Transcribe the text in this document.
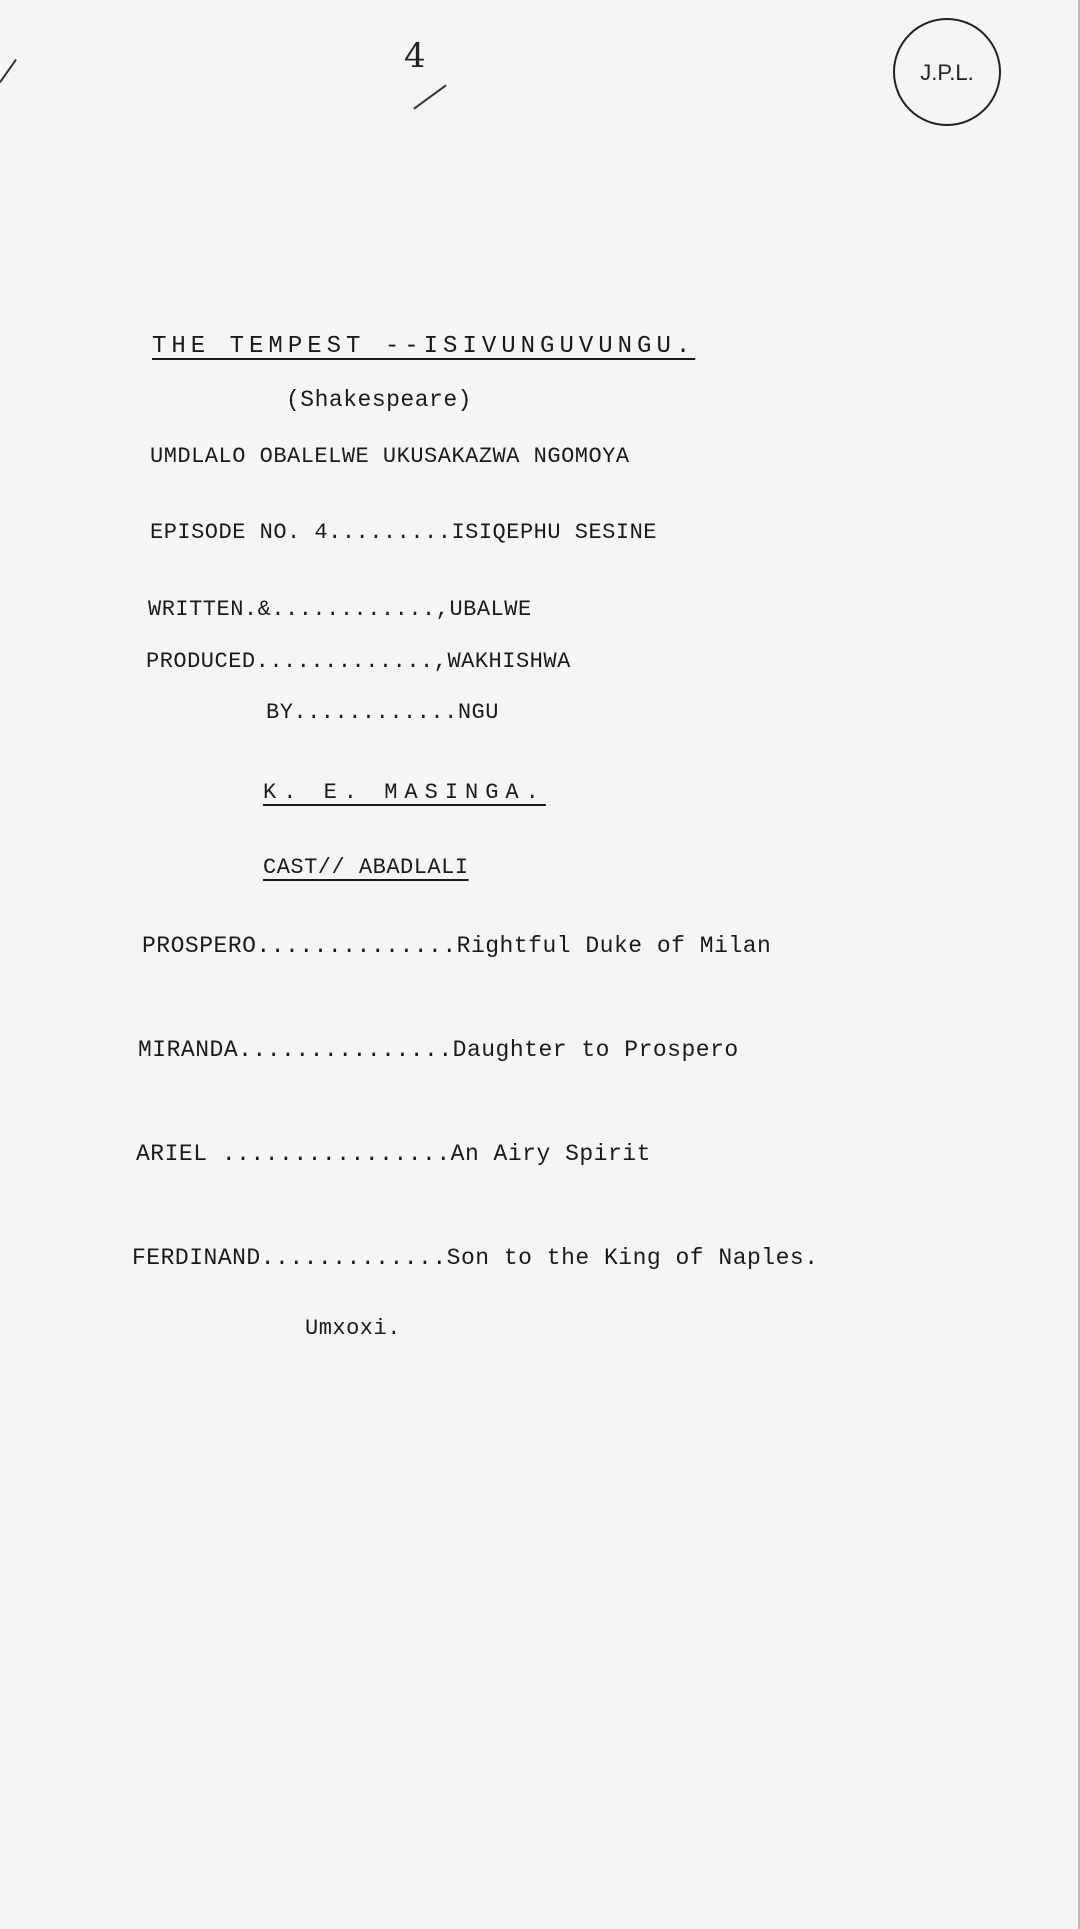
4	J.P.L.
THE TEMPEST --ISIVUNGUVUNGU.
(Shakespeare)
UMDLALO OBALELWE UKUSAKAZWA NGOMOYA
EPISODE NO. 4.........ISIQEPHU SESINE
WRITTEN.&............,UBALWE
PRODUCED.............,WAKHISHWA
BY............NGU
K. E. MASINGA.
CAST// ABADLALI
PROSPERO..............Rightful Duke of Milan
MIRANDA...............Daughter to Prospero
ARIEL ................An Airy Spirit
FERDINAND.............Son to the King of Naples.
Umxoxi.
